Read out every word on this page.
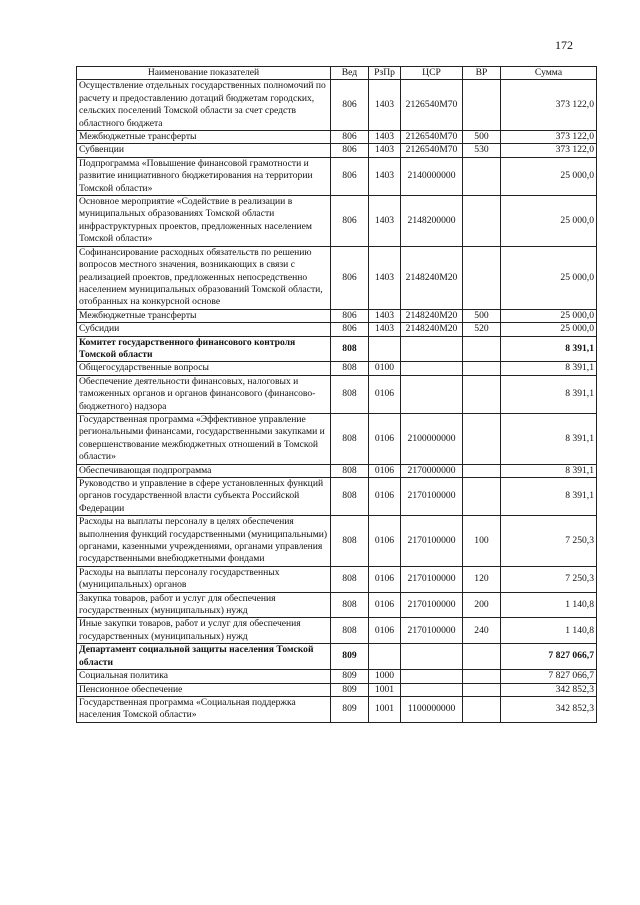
172
Наименование показателей	Вед	РзПр	ЦСР	ВР	Сумма
Осуществление отдельных государственных полномочий по расчету и предоставлению дотаций бюджетам городских, сельских поселений Томской области за счет средств областного бюджета	806	1403	2126540М70		373 122,0
Межбюджетные трансферты	806	1403	2126540М70	500	373 122,0
Субвенции	806	1403	2126540М70	530	373 122,0
Подпрограмма «Повышение финансовой грамотности и развитие инициативного бюджетирования на территории Томской области»	806	1403	2140000000		25 000,0
Основное мероприятие «Содействие в реализации в муниципальных образованиях Томской области инфраструктурных проектов, предложенных населением Томской области»	806	1403	2148200000		25 000,0
Софинансирование расходных обязательств по решению вопросов местного значения, возникающих в связи с реализацией проектов, предложенных непосредственно населением муниципальных образований Томской области, отобранных на конкурсной основе	806	1403	2148240М20		25 000,0
Межбюджетные трансферты	806	1403	2148240М20	500	25 000,0
Субсидии	806	1403	2148240М20	520	25 000,0
Комитет государственного финансового контроля Томской области	808				8 391,1
Общегосударственные вопросы	808	0100			8 391,1
Обеспечение деятельности финансовых, налоговых и таможенных органов и органов финансового (финансово-бюджетного) надзора	808	0106			8 391,1
Государственная программа «Эффективное управление региональными финансами, государственными закупками и совершенствование межбюджетных отношений в Томской области»	808	0106	2100000000		8 391,1
Обеспечивающая подпрограмма	808	0106	2170000000		8 391,1
Руководство и управление в сфере установленных функций органов государственной власти субъекта Российской Федерации	808	0106	2170100000		8 391,1
Расходы на выплаты персоналу в целях обеспечения выполнения функций государственными (муниципальными) органами, казенными учреждениями, органами управления государственными внебюджетными фондами	808	0106	2170100000	100	7 250,3
Расходы на выплаты персоналу государственных (муниципальных) органов	808	0106	2170100000	120	7 250,3
Закупка товаров, работ и услуг для обеспечения государственных (муниципальных) нужд	808	0106	2170100000	200	1 140,8
Иные закупки товаров, работ и услуг для обеспечения государственных (муниципальных) нужд	808	0106	2170100000	240	1 140,8
Департамент социальной защиты населения Томской области	809				7 827 066,7
Социальная политика	809	1000			7 827 066,7
Пенсионное обеспечение	809	1001			342 852,3
Государственная программа «Социальная поддержка населения Томской области»	809	1001	1100000000		342 852,3
